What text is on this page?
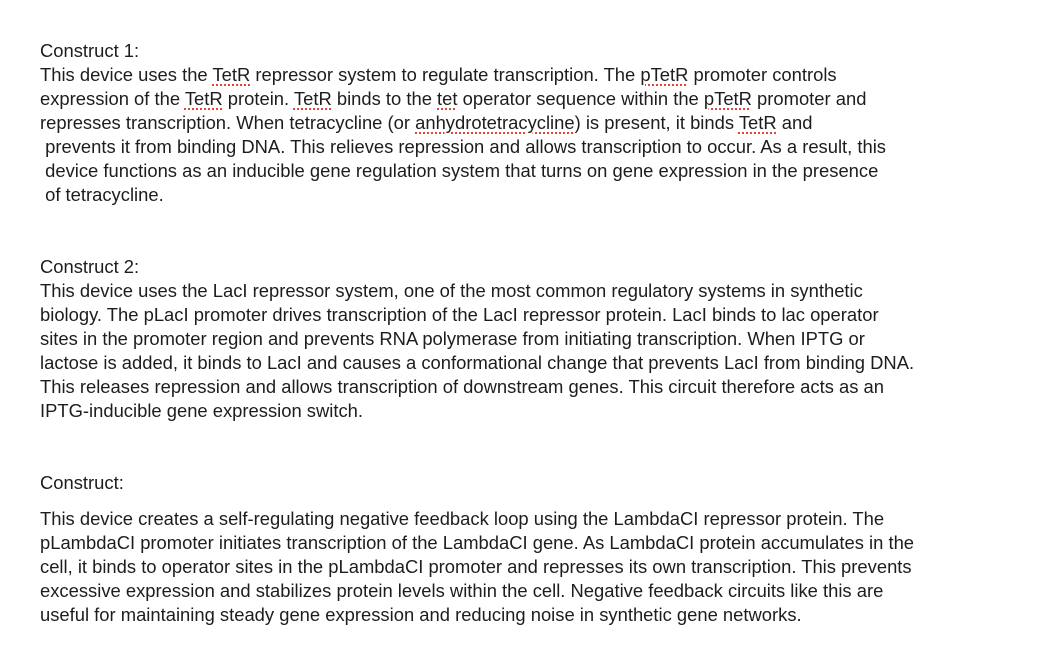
Construct 1:
This device uses the TetR repressor system to regulate transcription. The pTetR promoter controls
expression of the TetR protein. TetR binds to the tet operator sequence within the pTetR promoter and
represses transcription. When tetracycline (or anhydrotetracycline) is present, it binds TetR and
prevents it from binding DNA. This relieves repression and allows transcription to occur. As a result, this
device functions as an inducible gene regulation system that turns on gene expression in the presence
of tetracycline.
Construct 2:
This device uses the LacI repressor system, one of the most common regulatory systems in synthetic
biology. The pLacI promoter drives transcription of the LacI repressor protein. LacI binds to lac operator
sites in the promoter region and prevents RNA polymerase from initiating transcription. When IPTG or
lactose is added, it binds to LacI and causes a conformational change that prevents LacI from binding DNA.
This releases repression and allows transcription of downstream genes. This circuit therefore acts as an
IPTG-inducible gene expression switch.
Construct:
This device creates a self-regulating negative feedback loop using the LambdaCI repressor protein. The
pLambdaCI promoter initiates transcription of the LambdaCI gene. As LambdaCI protein accumulates in the
cell, it binds to operator sites in the pLambdaCI promoter and represses its own transcription. This prevents
excessive expression and stabilizes protein levels within the cell. Negative feedback circuits like this are
useful for maintaining steady gene expression and reducing noise in synthetic gene networks.
